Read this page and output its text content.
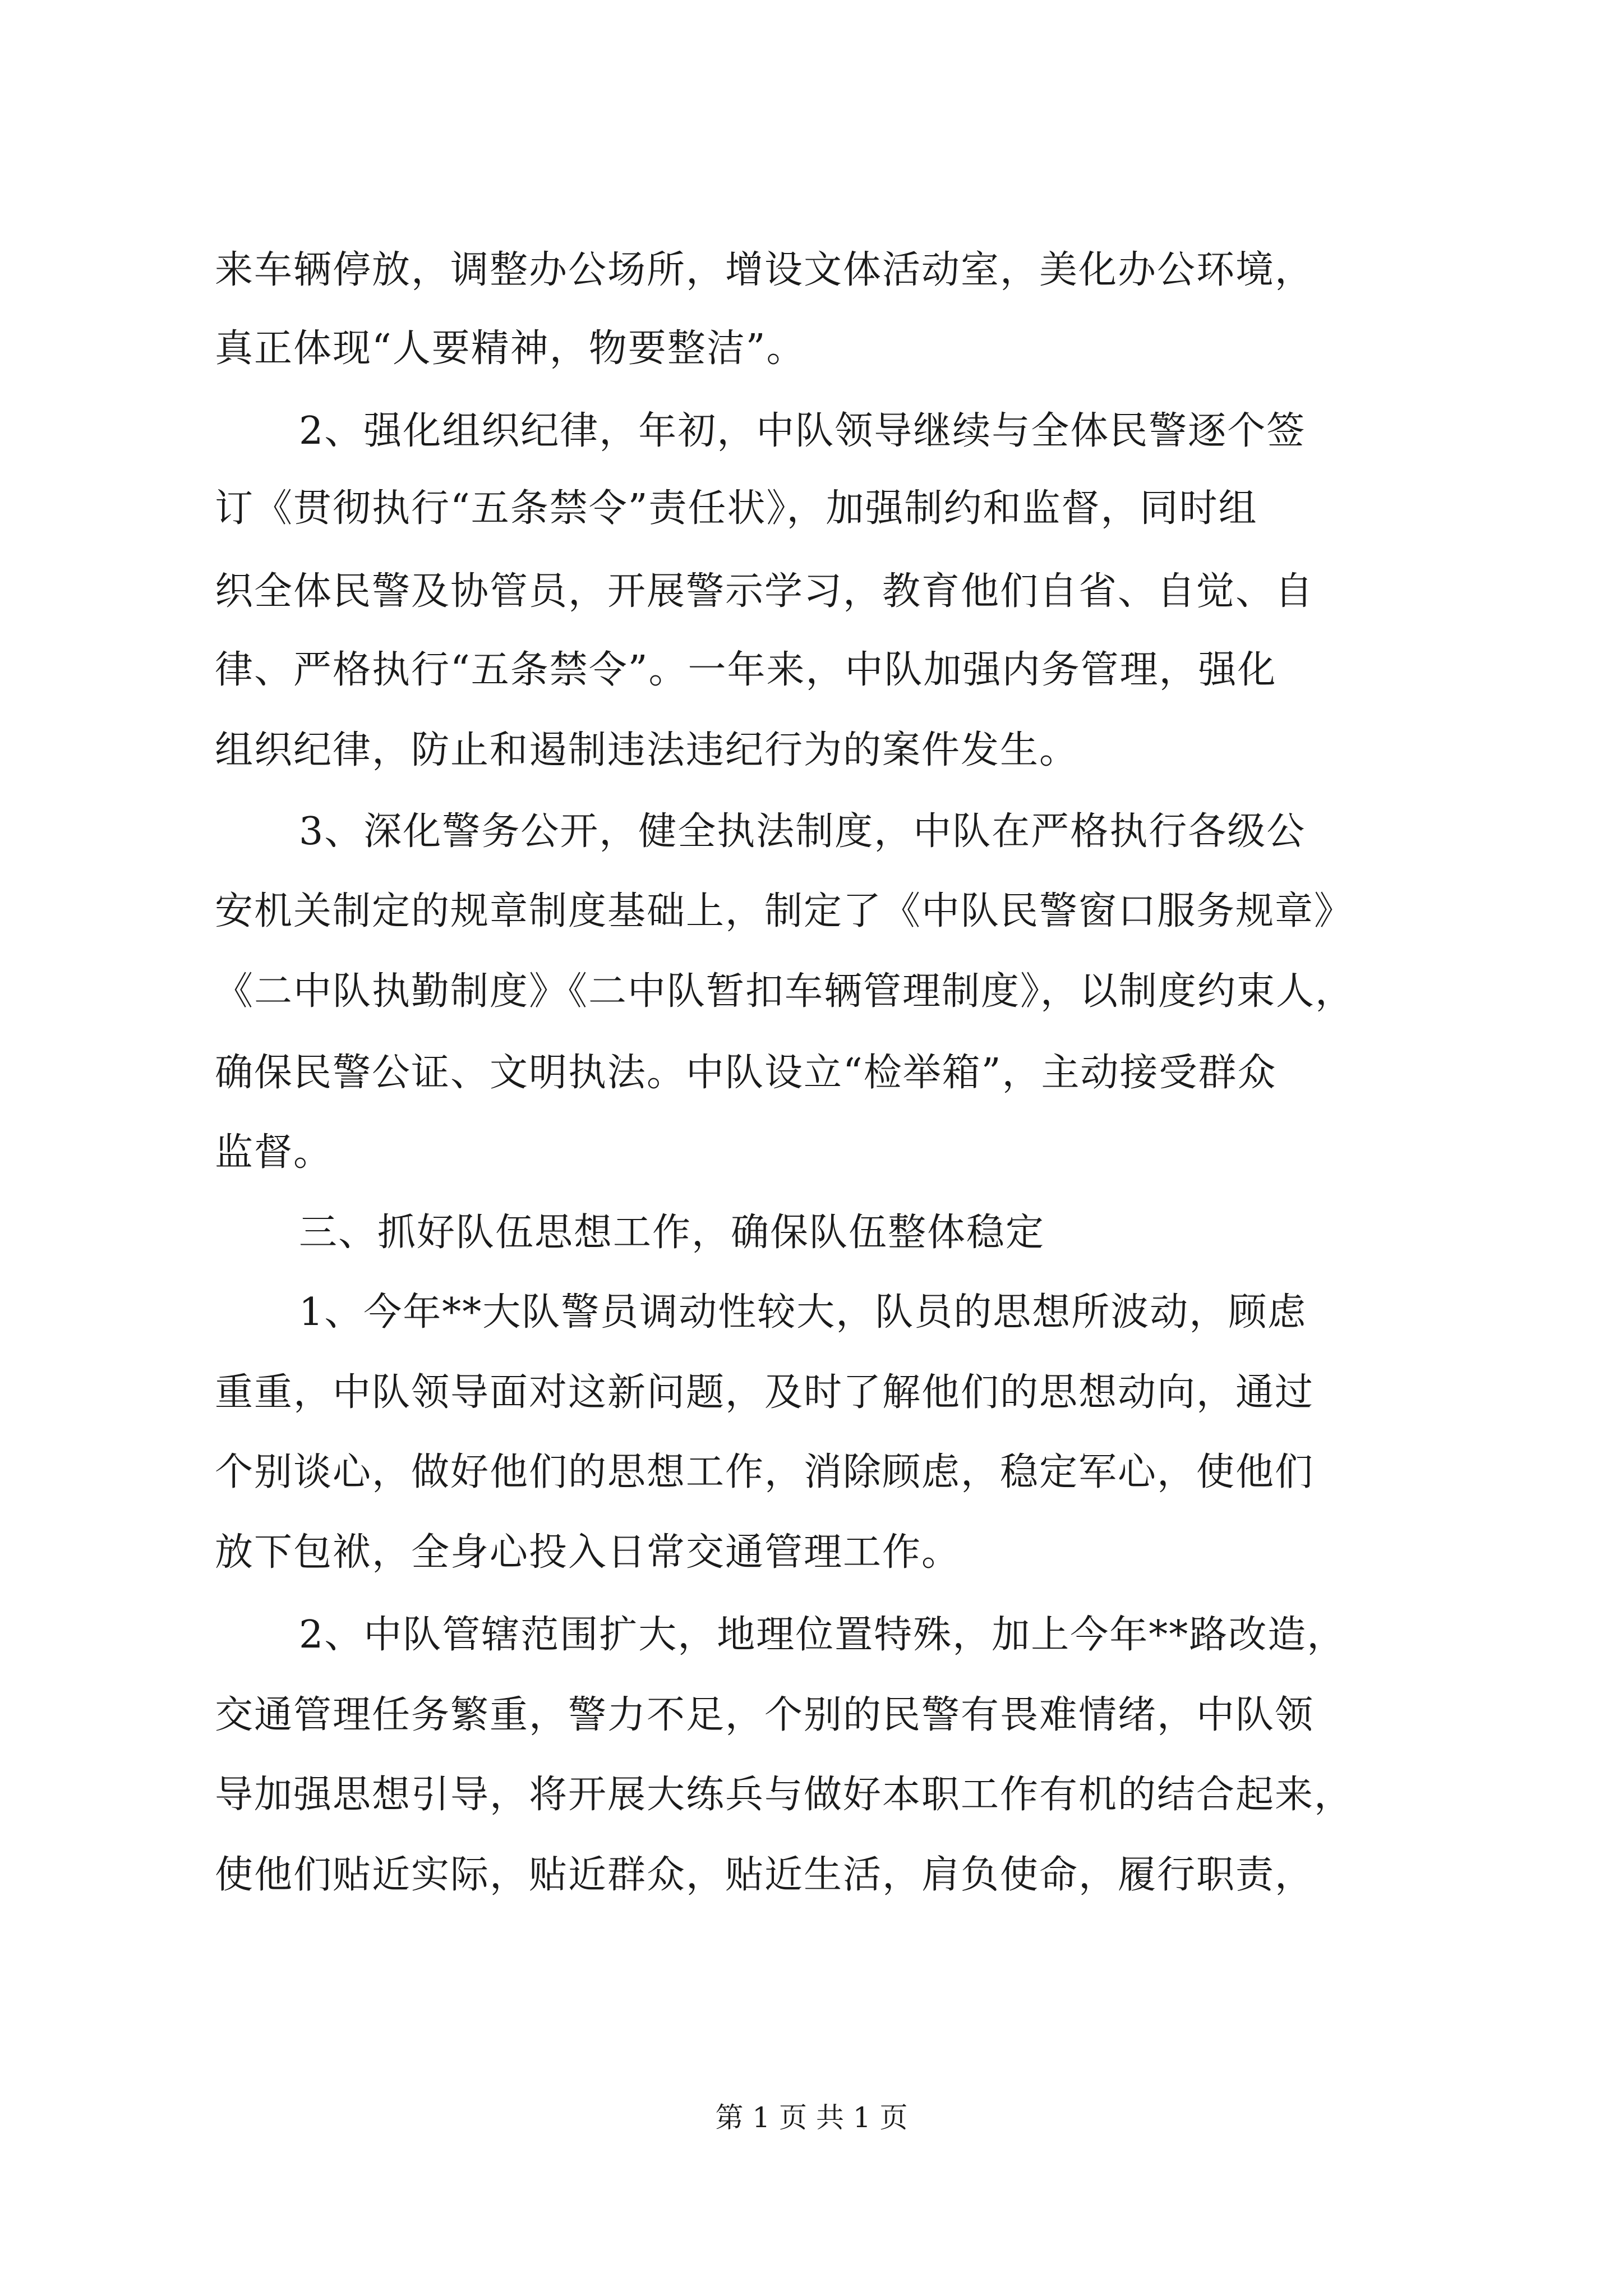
来车辆停放，调整办公场所，增设文体活动室，美化办公环境，
真正体现“人要精神，物要整洁”。
2、强化组织纪律，年初，中队领导继续与全体民警逐个签
订《贯彻执行“五条禁令”责任状》，加强制约和监督，同时组
织全体民警及协管员，开展警示学习，教育他们自省、自觉、自
律、严格执行“五条禁令”。一年来，中队加强内务管理，强化
组织纪律，防止和遏制违法违纪行为的案件发生。
3、深化警务公开，健全执法制度，中队在严格执行各级公
安机关制定的规章制度基础上，制定了《中队民警窗口服务规章》
《二中队执勤制度》《二中队暂扣车辆管理制度》，以制度约束人，
确保民警公证、文明执法。中队设立“检举箱”，主动接受群众
监督。
三、抓好队伍思想工作，确保队伍整体稳定
1、今年**大队警员调动性较大，队员的思想所波动，顾虑
重重，中队领导面对这新问题，及时了解他们的思想动向，通过
个别谈心，做好他们的思想工作，消除顾虑，稳定军心，使他们
放下包袱，全身心投入日常交通管理工作。
2、中队管辖范围扩大，地理位置特殊，加上今年**路改造，
交通管理任务繁重，警力不足，个别的民警有畏难情绪，中队领
导加强思想引导，将开展大练兵与做好本职工作有机的结合起来，
使他们贴近实际，贴近群众，贴近生活，肩负使命，履行职责，
第 1 页 共 1 页
